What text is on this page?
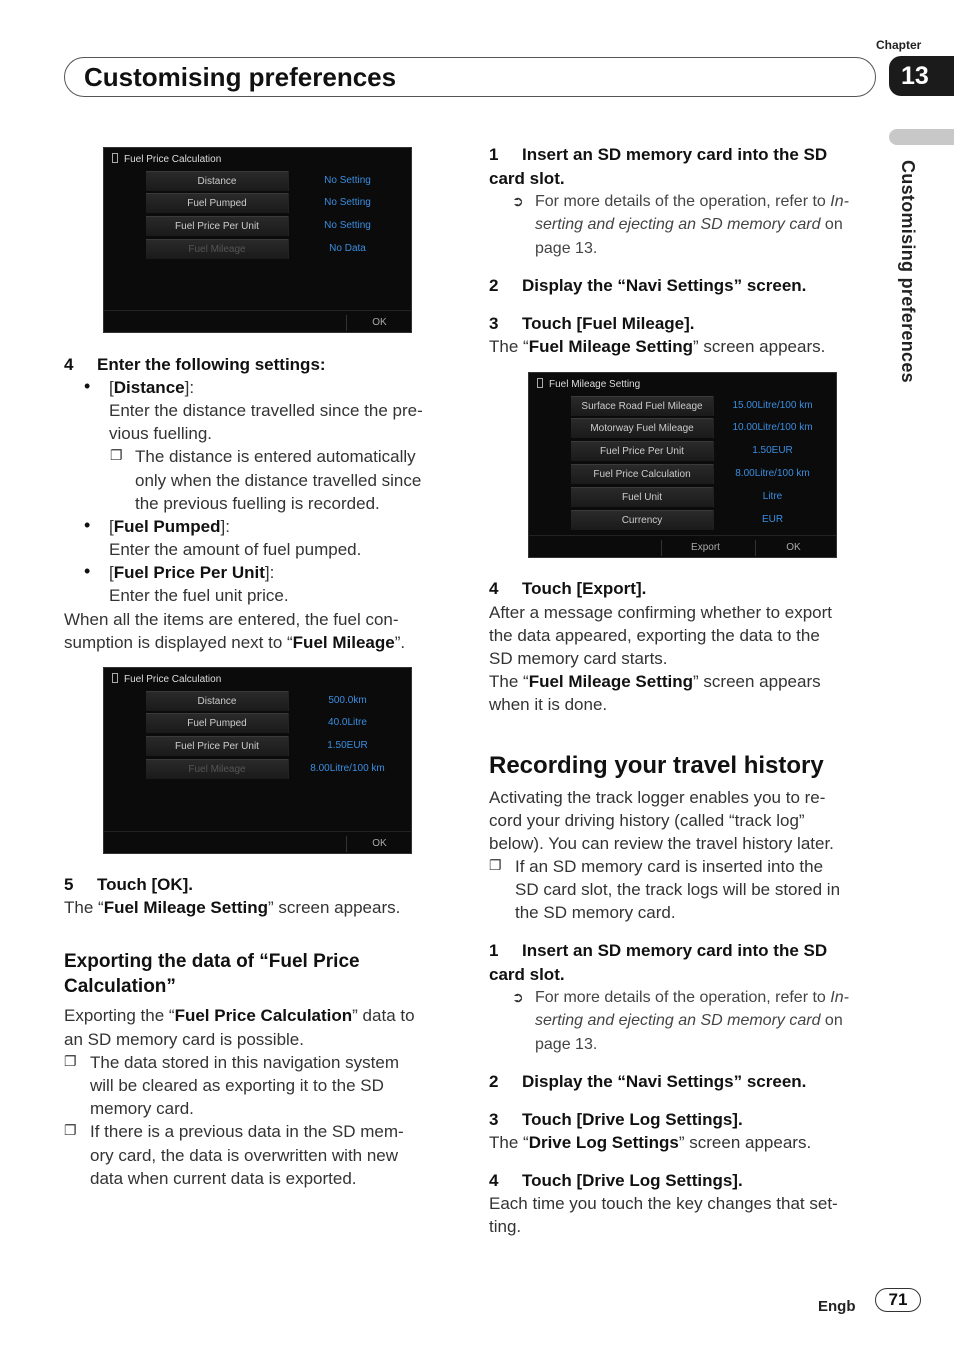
Chapter
Customising preferences	13
Customising preferences
Fuel Price Calculation
Distance	No Setting
Fuel Pumped	No Setting
Fuel Price Per Unit	No Setting
Fuel Mileage	No Data
OK
4 Enter the following settings:
• [Distance]:
Enter the distance travelled since the pre-
vious fuelling.
❐ The distance is entered automatically
only when the distance travelled since
the previous fuelling is recorded.
• [Fuel Pumped]:
Enter the amount of fuel pumped.
• [Fuel Price Per Unit]:
Enter the fuel unit price.
When all the items are entered, the fuel con-
sumption is displayed next to “Fuel Mileage”.
Fuel Price Calculation
Distance	500.0km
Fuel Pumped	40.0Litre
Fuel Price Per Unit	1.50EUR
Fuel Mileage	8.00Litre/100 km
OK
5 Touch [OK].
The “Fuel Mileage Setting” screen appears.
Exporting the data of “Fuel Price
Calculation”
Exporting the “Fuel Price Calculation” data to
an SD memory card is possible.
❐ The data stored in this navigation system
will be cleared as exporting it to the SD
memory card.
❐ If there is a previous data in the SD mem-
ory card, the data is overwritten with new
data when current data is exported.
1 Insert an SD memory card into the SD
card slot.
➲ For more details of the operation, refer to In-
serting and ejecting an SD memory card on
page 13.
2 Display the “Navi Settings” screen.
3 Touch [Fuel Mileage].
The “Fuel Mileage Setting” screen appears.
Fuel Mileage Setting
Surface Road Fuel Mileage	15.00Litre/100 km
Motorway Fuel Mileage	10.00Litre/100 km
Fuel Price Per Unit	1.50EUR
Fuel Price Calculation	8.00Litre/100 km
Fuel Unit	Litre
Currency	EUR
Export	OK
4 Touch [Export].
After a message confirming whether to export
the data appeared, exporting the data to the
SD memory card starts.
The “Fuel Mileage Setting” screen appears
when it is done.
Recording your travel history
Activating the track logger enables you to re-
cord your driving history (called “track log”
below). You can review the travel history later.
❐ If an SD memory card is inserted into the
SD card slot, the track logs will be stored in
the SD memory card.
1 Insert an SD memory card into the SD
card slot.
➲ For more details of the operation, refer to In-
serting and ejecting an SD memory card on
page 13.
2 Display the “Navi Settings” screen.
3 Touch [Drive Log Settings].
The “Drive Log Settings” screen appears.
4 Touch [Drive Log Settings].
Each time you touch the key changes that set-
ting.
Engb	71
